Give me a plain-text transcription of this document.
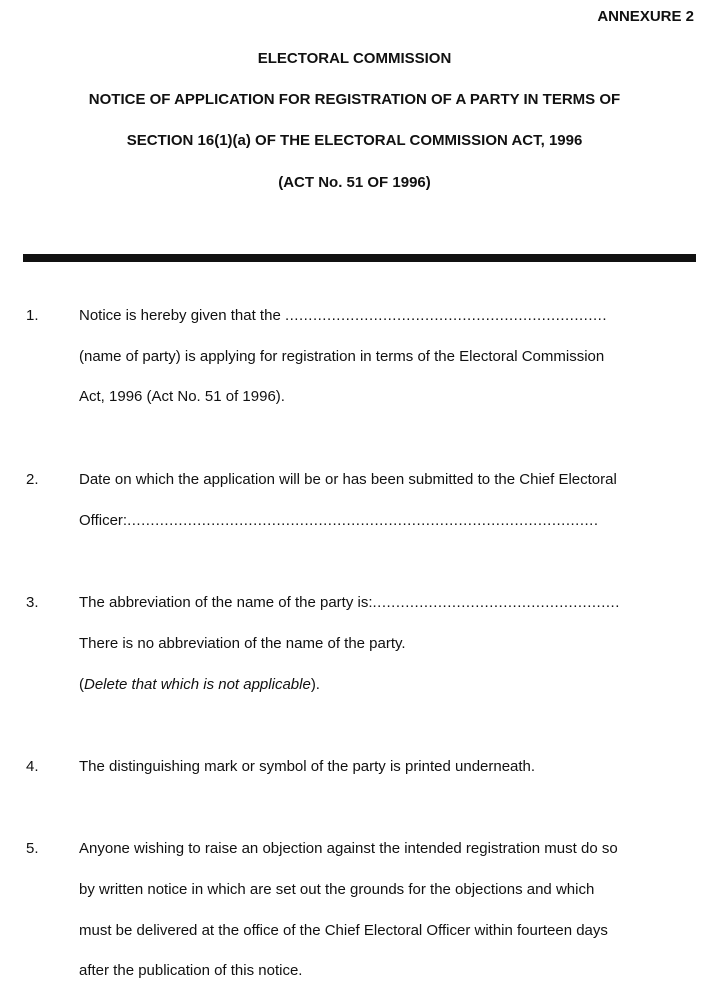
ANNEXURE 2
ELECTORAL COMMISSION
NOTICE OF APPLICATION FOR REGISTRATION OF A PARTY IN TERMS OF
SECTION 16(1)(a) OF THE ELECTORAL COMMISSION ACT, 1996
(ACT No. 51 OF 1996)
1.	Notice is hereby given that the .....................................................................
(name of party) is applying for registration in terms of the Electoral Commission
Act, 1996 (Act No. 51 of 1996).
2.	Date on which the application will be or has been submitted to the Chief Electoral
Officer:.....................................................................................................
3.	The abbreviation of the name of the party is:.....................................................
There is no abbreviation of the name of the party.
(Delete that which is not applicable).
4.	The distinguishing mark or symbol of the party is printed underneath.
5.	Anyone wishing to raise an objection against the intended registration must do so
by written notice in which are set out the grounds for the objections and which
must be delivered at the office of the Chief Electoral Officer within fourteen days
after the publication of this notice.
